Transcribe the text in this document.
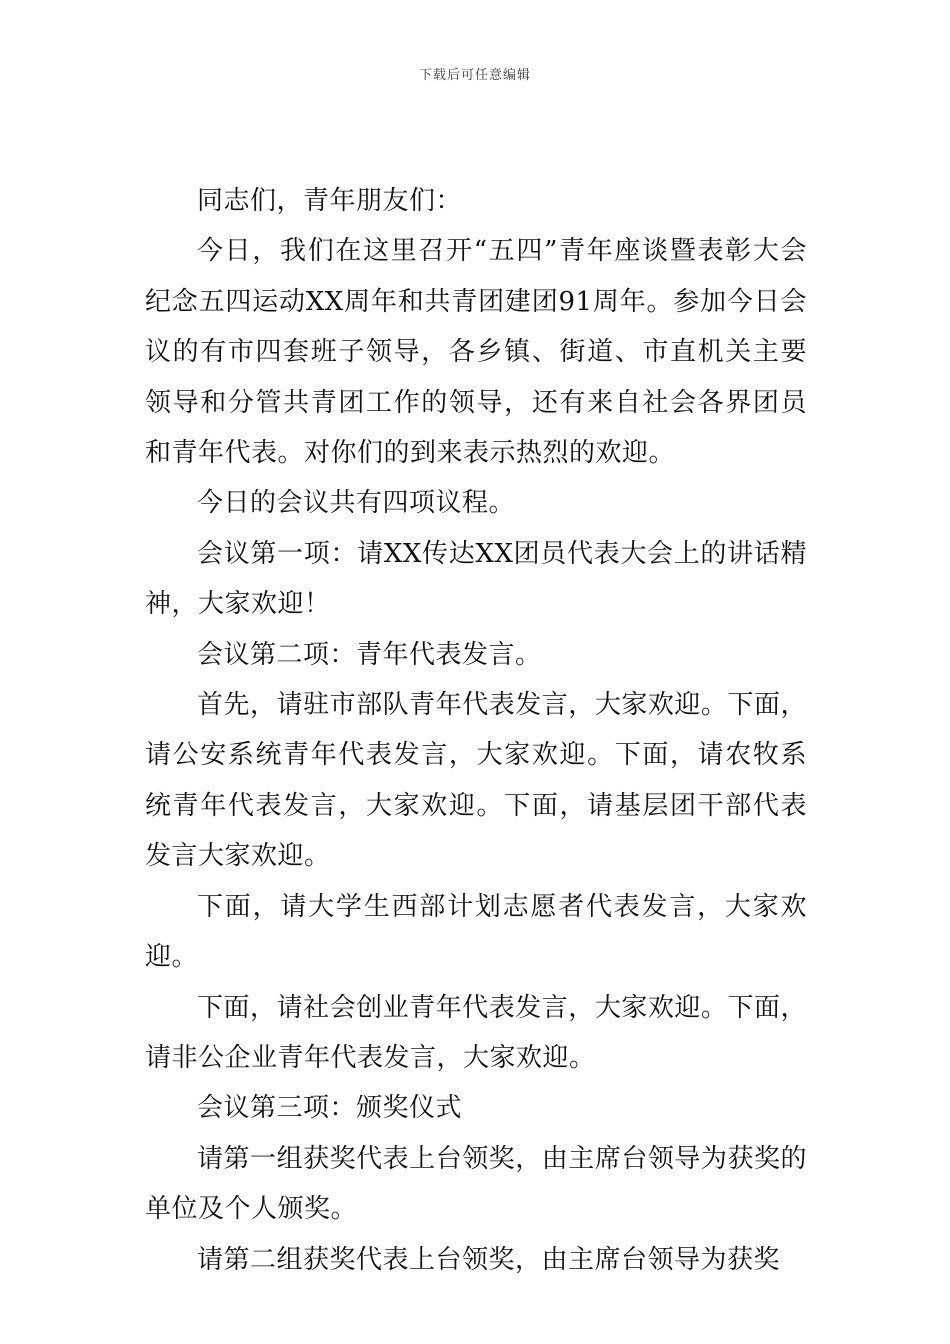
下载后可任意编辑

同志们，青年朋友们：

今日，我们在这里召开“五四”青年座谈暨表彰大会纪念五四运动XX周年和共青团建团91周年。参加今日会议的有市四套班子领导，各乡镇、街道、市直机关主要领导和分管共青团工作的领导，还有来自社会各界团员和青年代表。对你们的到来表示热烈的欢迎。

今日的会议共有四项议程。

会议第一项：请XX传达XX团员代表大会上的讲话精神，大家欢迎！

会议第二项：青年代表发言。

首先，请驻市部队青年代表发言，大家欢迎。下面，请公安系统青年代表发言，大家欢迎。下面，请农牧系统青年代表发言，大家欢迎。下面，请基层团干部代表发言大家欢迎。

下面，请大学生西部计划志愿者代表发言，大家欢迎。

下面，请社会创业青年代表发言，大家欢迎。下面，请非公企业青年代表发言，大家欢迎。

会议第三项：颁奖仪式

请第一组获奖代表上台领奖，由主席台领导为获奖的单位及个人颁奖。

请第二组获奖代表上台领奖，由主席台领导为获奖
